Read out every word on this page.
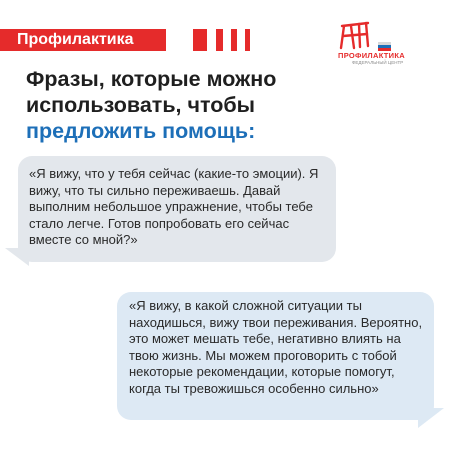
Профилактика
ПРОФИЛАКТИКА
ФЕДЕРАЛЬНЫЙ ЦЕНТР
Фразы, которые можно
использовать, чтобы
предложить помощь:
«Я вижу, что у тебя сейчас (какие-то эмоции). Я вижу, что ты сильно переживаешь. Давай выполним небольшое упражнение, чтобы тебе стало легче. Готов попробовать его сейчас вместе со мной?»
«Я вижу, в какой сложной ситуации ты находишься, вижу твои переживания. Вероятно, это может мешать тебе, негативно влиять на твою жизнь. Мы можем проговорить с тобой некоторые рекомендации, которые помогут, когда ты тревожишься особенно сильно»
